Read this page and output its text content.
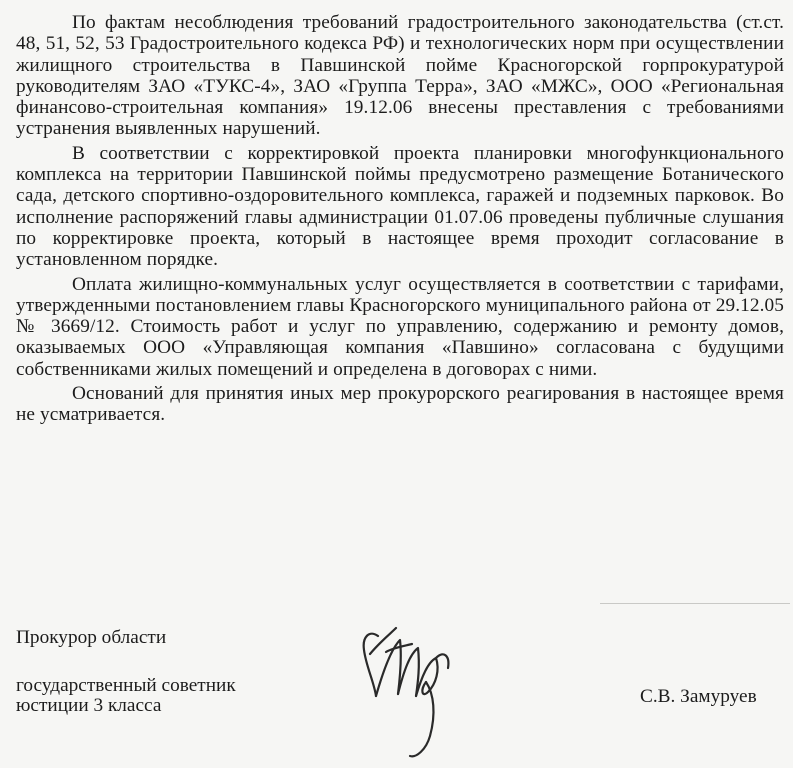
По фактам несоблюдения требований градостроительного законодательства (ст.ст. 48, 51, 52, 53 Градостроительного кодекса РФ) и технологических норм при осуществлении жилищного строительства в Павшинской пойме Красногорской горпрокуратурой руководителям ЗАО «ТУКС-4», ЗАО «Группа Терра», ЗАО «МЖС», ООО «Региональная финансово-строительная компания» 19.12.06 внесены преставления с требованиями устранения выявленных нарушений.

В соответствии с корректировкой проекта планировки многофункционального комплекса на территории Павшинской поймы предусмотрено размещение Ботанического сада, детского спортивно-оздоровительного комплекса, гаражей и подземных парковок. Во исполнение распоряжений главы администрации 01.07.06 проведены публичные слушания по корректировке проекта, который в настоящее время проходит согласование в установленном порядке.

Оплата жилищно-коммунальных услуг осуществляется в соответствии с тарифами, утвержденными постановлением главы Красногорского муниципального района от 29.12.05 № 3669/12. Стоимость работ и услуг по управлению, содержанию и ремонту домов, оказываемых ООО «Управляющая компания «Павшино» согласована с будущими собственниками жилых помещений и определена в договорах с ними.

Оснований для принятия иных мер прокурорского реагирования в настоящее время не усматривается.

Прокурор области
государственный советник
юстиции 3 класса	С.В. Замуруев
